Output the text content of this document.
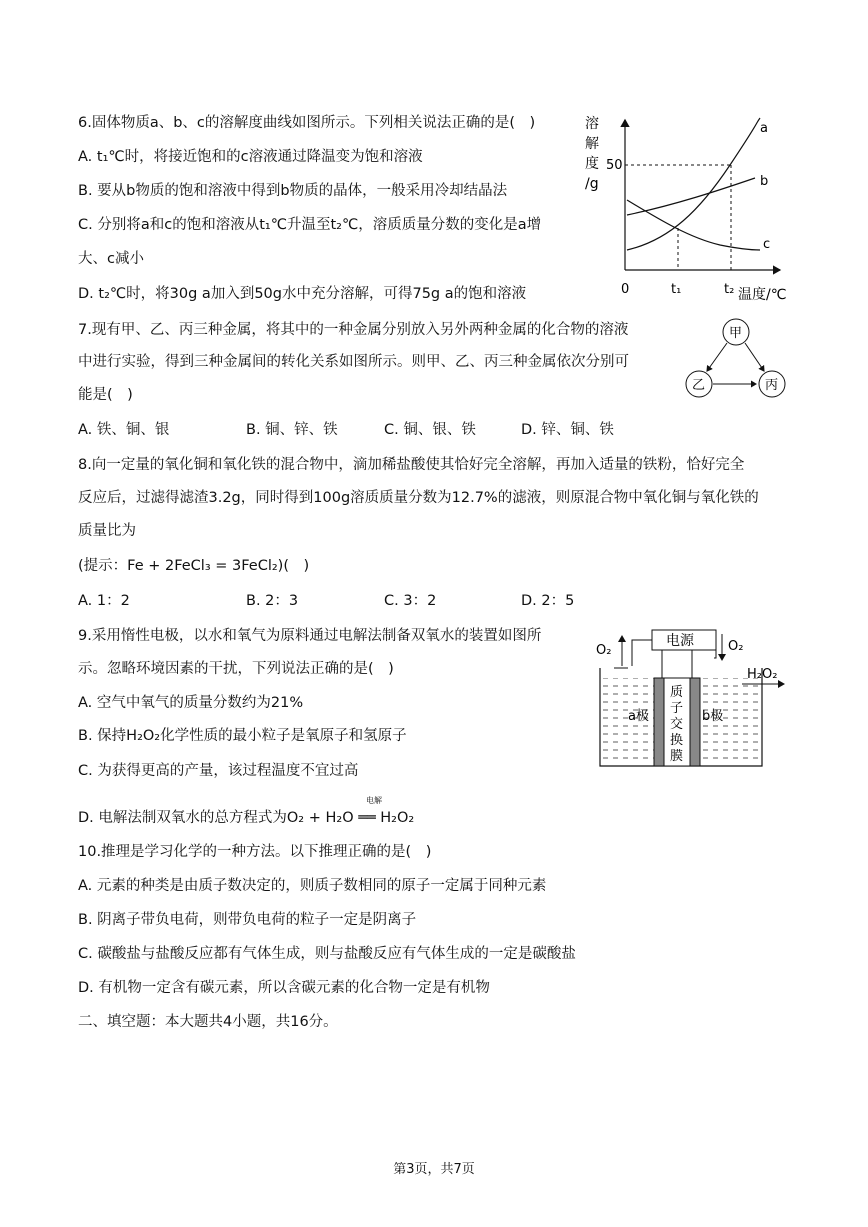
6.固体物质a、b、c的溶解度曲线如图所示。下列相关说法正确的是(　)
A. t₁℃时，将接近饱和的c溶液通过降温变为饱和溶液
B. 要从b物质的饱和溶液中得到b物质的晶体，一般采用冷却结晶法
C. 分别将a和c的饱和溶液从t₁℃升温至t₂℃，溶质质量分数的变化是a增
大、c减小
D. t₂℃时，将30g a加入到50g水中充分溶解，可得75g a的饱和溶液
溶
解
度
/g
50
a
b
c
0	t₁	t₂ 温度/℃
7.现有甲、乙、丙三种金属，将其中的一种金属分别放入另外两种金属的化合物的溶液
中进行实验，得到三种金属间的转化关系如图所示。则甲、乙、丙三种金属依次分别可
能是(　)
A. 铁、铜、银	B. 铜、锌、铁	C. 铜、银、铁	D. 锌、铜、铁
甲
乙	丙
8.向一定量的氧化铜和氧化铁的混合物中，滴加稀盐酸使其恰好完全溶解，再加入适量的铁粉，恰好完全
反应后，过滤得滤渣3.2g，同时得到100g溶质质量分数为12.7%的滤液，则原混合物中氧化铜与氧化铁的
质量比为
(提示：Fe + 2FeCl₃ = 3FeCl₂)(　)
A. 1：2	B. 2：3	C. 3：2	D. 2：5
9.采用惰性电极，以水和氧气为原料通过电解法制备双氧水的装置如图所
示。忽略环境因素的干扰，下列说法正确的是(　)
A. 空气中氧气的质量分数约为21%
B. 保持H₂O₂化学性质的最小粒子是氧原子和氢原子
C. 为获得更高的产量，该过程温度不宜过高
D. 电解法制双氧水的总方程式为O₂ + H₂O ══ H₂O₂
电解
电源
O₂	O₂
H₂O₂
质
子
交
换
膜
a极	b极
10.推理是学习化学的一种方法。以下推理正确的是(　)
A. 元素的种类是由质子数决定的，则质子数相同的原子一定属于同种元素
B. 阴离子带负电荷，则带负电荷的粒子一定是阴离子
C. 碳酸盐与盐酸反应都有气体生成，则与盐酸反应有气体生成的一定是碳酸盐
D. 有机物一定含有碳元素，所以含碳元素的化合物一定是有机物
二、填空题：本大题共4小题，共16分。
第3页，共7页
